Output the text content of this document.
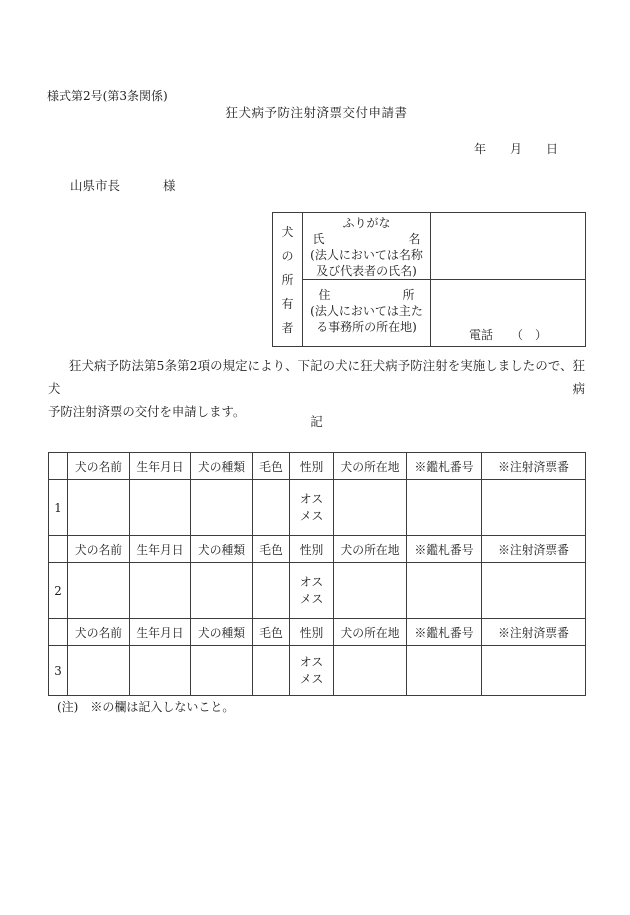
様式第2号(第3条関係)
狂犬病予防注射済票交付申請書
年　　月　　日
山県市長	様
犬の所有者	ふりがな
氏　　　　　　　名
(法人においては名称
及び代表者の氏名)	

	住　　　　　　所
(法人においては主た
る事務所の所在地)	電話　　（　）
狂犬病予防法第5条第2項の規定により、下記の犬に狂犬病予防注射を実施しましたので、狂犬病
予防注射済票の交付を申請します。
記
	犬の名前	生年月日	犬の種類	毛色	性別	犬の所在地	※鑑札番号	※注射済票番
1					オス
メス			

	犬の名前	生年月日	犬の種類	毛色	性別	犬の所在地	※鑑札番号	※注射済票番
2					オス
メス			

	犬の名前	生年月日	犬の種類	毛色	性別	犬の所在地	※鑑札番号	※注射済票番
3					オス
メス			

(注)　※の欄は記入しないこと。
